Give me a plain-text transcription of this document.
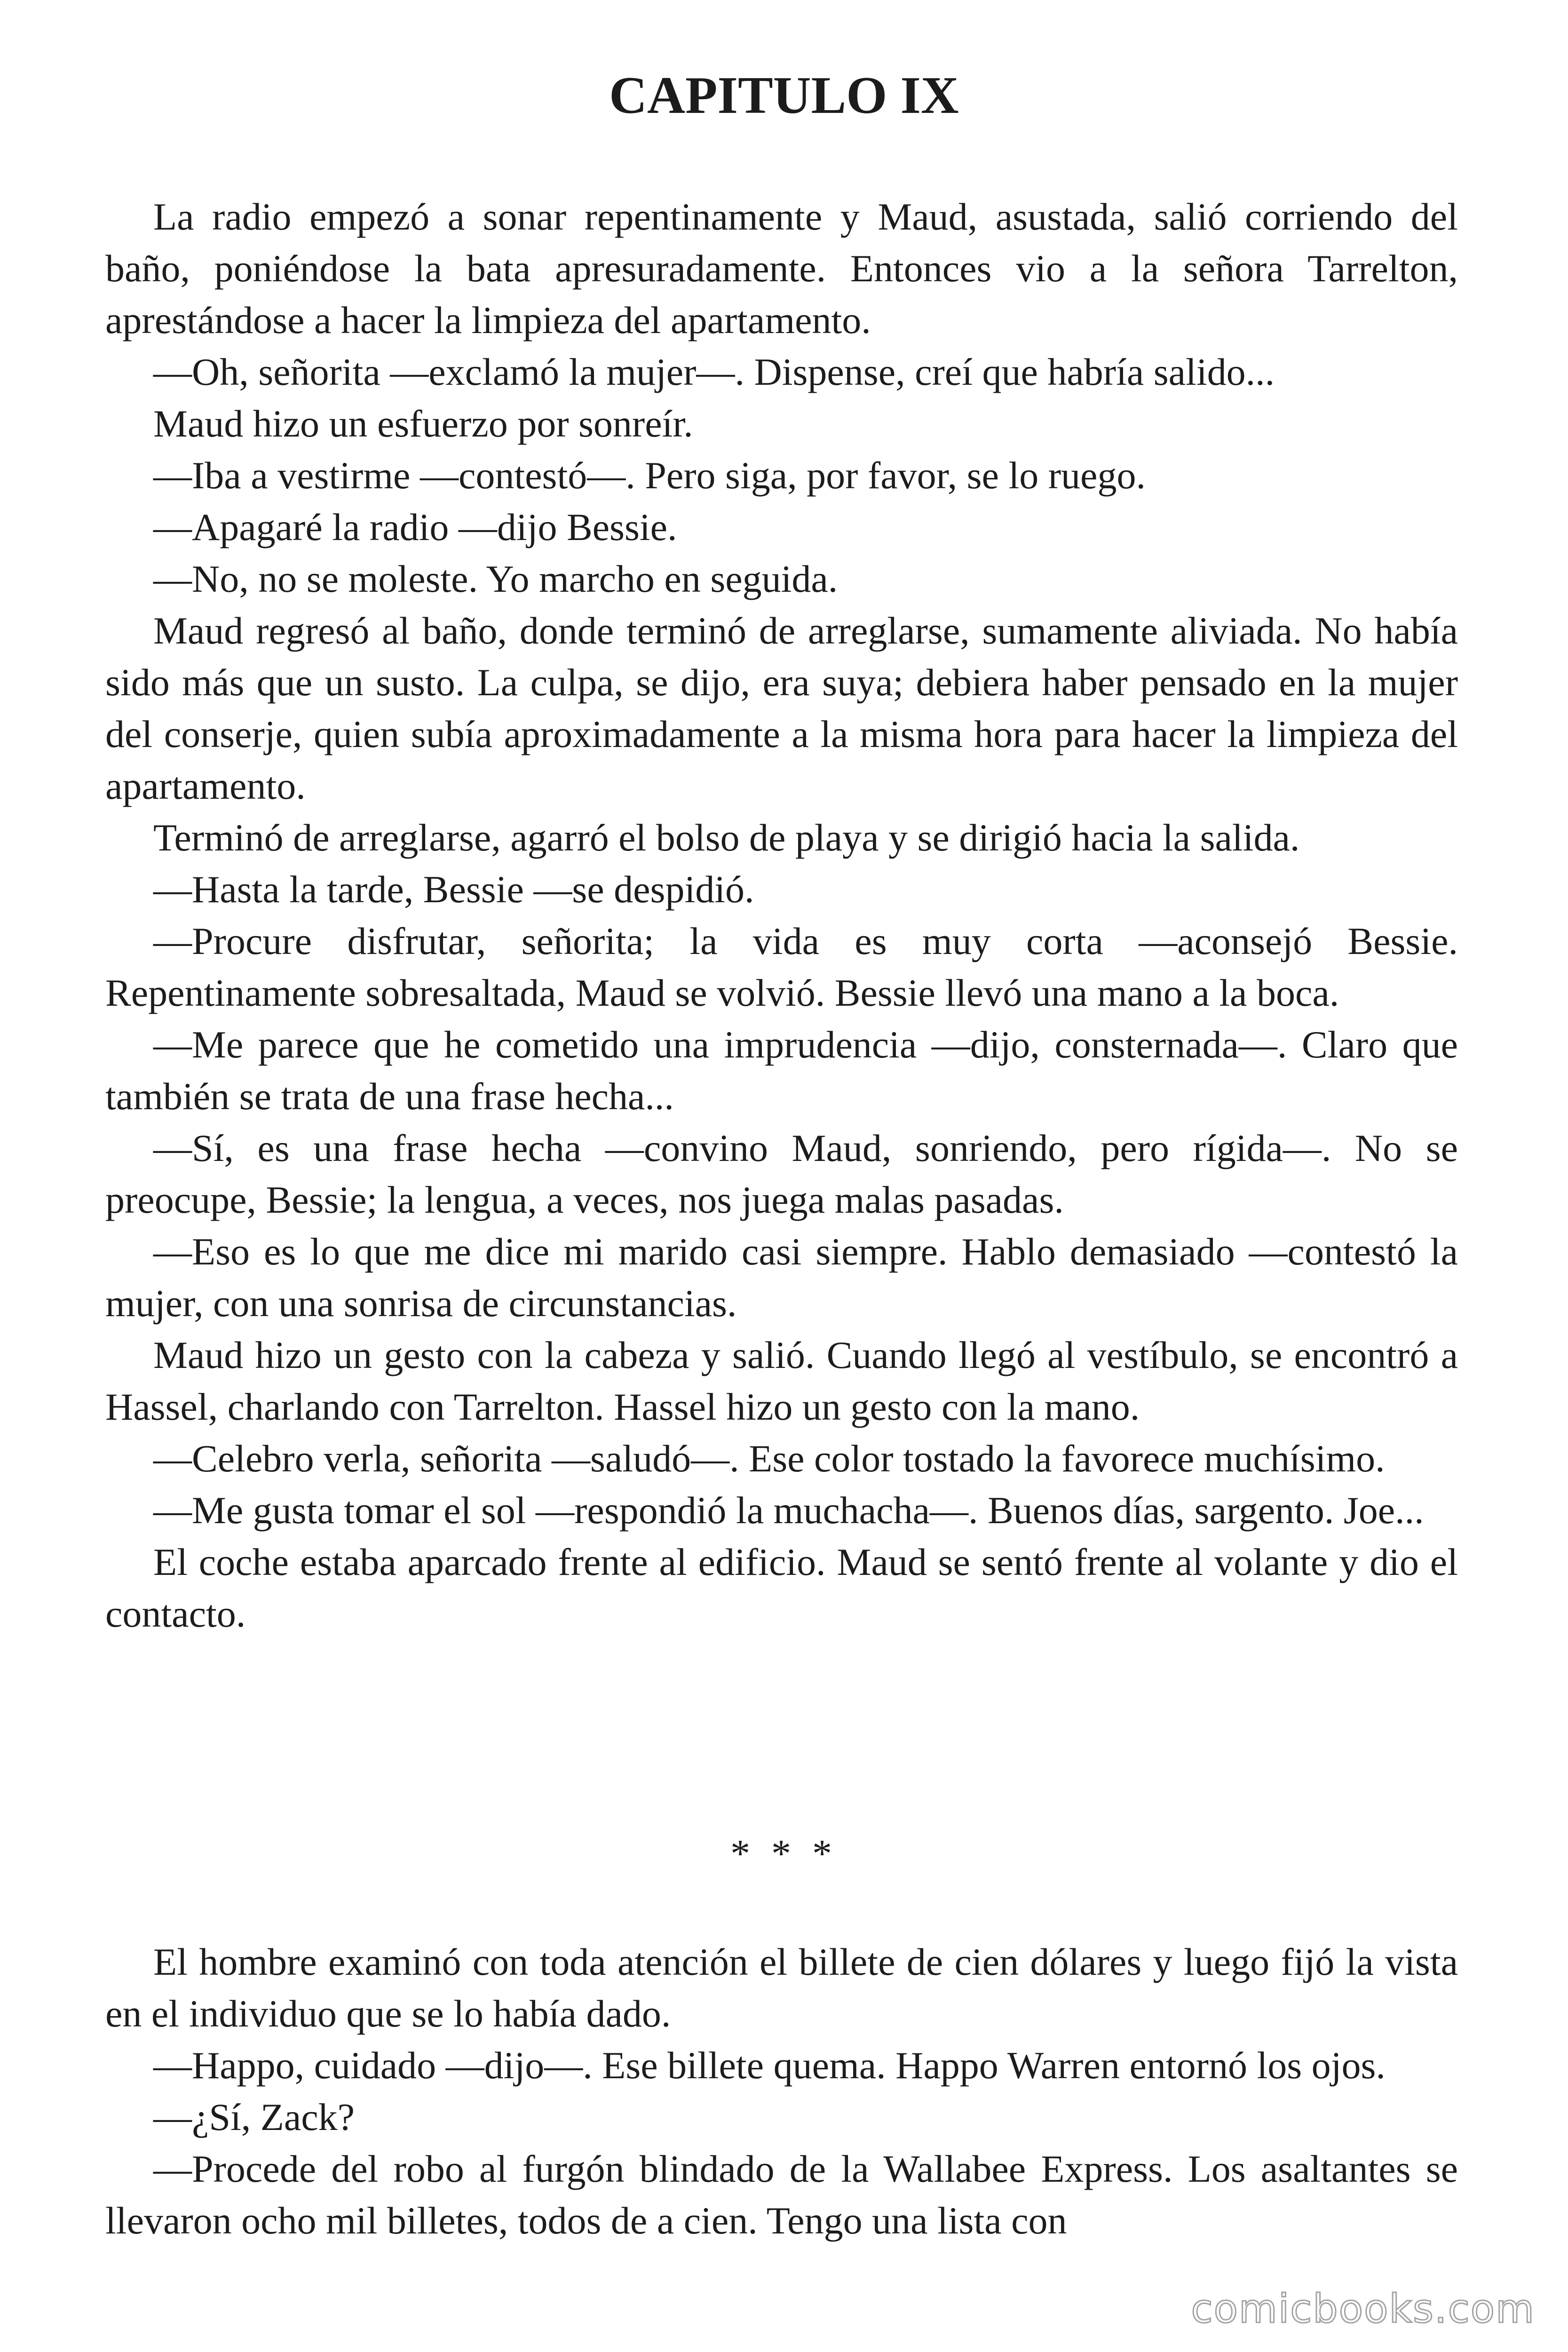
CAPITULO IX

La radio empezó a sonar repentinamente y Maud, asustada, salió corriendo del baño, poniéndose la bata apresuradamente. Entonces vio a la señora Tarrelton, aprestándose a hacer la limpieza del apartamento.

—Oh, señorita —exclamó la mujer—. Dispense, creí que habría salido...

Maud hizo un esfuerzo por sonreír.

—Iba a vestirme —contestó—. Pero siga, por favor, se lo ruego.

—Apagaré la radio —dijo Bessie.

—No, no se moleste. Yo marcho en seguida.

Maud regresó al baño, donde terminó de arreglarse, sumamente aliviada. No había sido más que un susto. La culpa, se dijo, era suya; debiera haber pensado en la mujer del conserje, quien subía aproximadamente a la misma hora para hacer la limpieza del apartamento.

Terminó de arreglarse, agarró el bolso de playa y se dirigió hacia la salida.

—Hasta la tarde, Bessie —se despidió.

—Procure disfrutar, señorita; la vida es muy corta —aconsejó Bessie. Repentinamente sobresaltada, Maud se volvió. Bessie llevó una mano a la boca.

—Me parece que he cometido una imprudencia —dijo, consternada—. Claro que también se trata de una frase hecha...

—Sí, es una frase hecha —convino Maud, sonriendo, pero rígida—. No se preocupe, Bessie; la lengua, a veces, nos juega malas pasadas.

—Eso es lo que me dice mi marido casi siempre. Hablo demasiado —contestó la mujer, con una sonrisa de circunstancias.

Maud hizo un gesto con la cabeza y salió. Cuando llegó al vestíbulo, se encontró a Hassel, charlando con Tarrelton. Hassel hizo un gesto con la mano.

—Celebro verla, señorita —saludó—. Ese color tostado la favorece muchísimo.

—Me gusta tomar el sol —respondió la muchacha—. Buenos días, sargento. Joe...

El coche estaba aparcado frente al edificio. Maud se sentó frente al volante y dio el contacto.

* * *

El hombre examinó con toda atención el billete de cien dólares y luego fijó la vista en el individuo que se lo había dado.

—Happo, cuidado —dijo—. Ese billete quema. Happo Warren entornó los ojos.

—¿Sí, Zack?

—Procede del robo al furgón blindado de la Wallabee Express. Los asaltantes se llevaron ocho mil billetes, todos de a cien. Tengo una lista con

comicbooks.com
